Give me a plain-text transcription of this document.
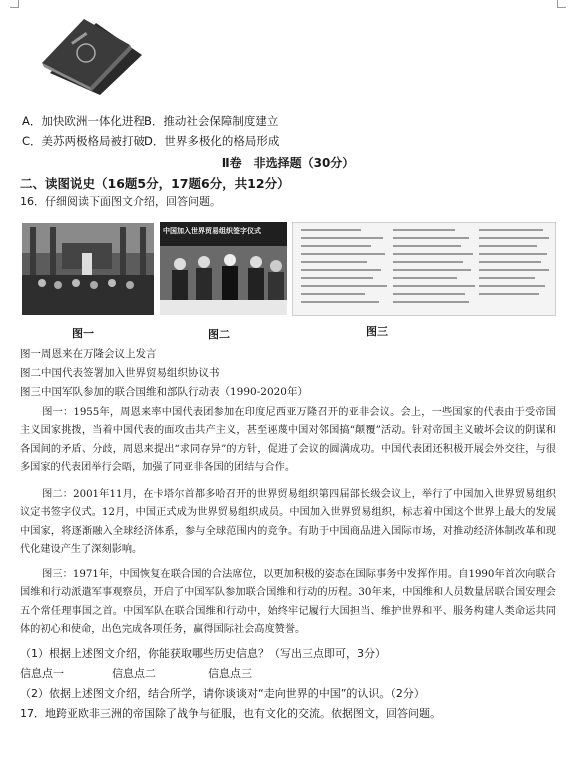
A．加快欧洲一体化进程 B．推动社会保障制度建立
C．美苏两极格局被打破
D．世界多极化的格局形成
Ⅱ卷　非选择题（30分）
二、读图说史（16题5分，17题6分，共12分）
16．仔细阅读下面图文介绍，回答问题。
图一
中国加入世界贸易组织签字仪式
图二	图三
图一周恩来在万隆会议上发言
图二中国代表签署加入世界贸易组织协议书
图三中国军队参加的联合国维和部队行动表（1990-2020年）
图一：1955年，周恩来率中国代表团参加在印度尼西亚万隆召开的亚非会议。会上，一些国家的代表由于受帝国主义国家挑拨，当着中国代表的面攻击共产主义，甚至诬蔑中国对邻国搞“颠覆”活动。针对帝国主义破坏会议的阴谋和各国间的矛盾、分歧，周恩来提出“求同存异”的方针，促进了会议的圆满成功。中国代表团还积极开展会外交往，与很多国家的代表团举行会晤，加强了同亚非各国的团结与合作。
图二：2001年11月，在卡塔尔首都多哈召开的世界贸易组织第四届部长级会议上，举行了中国加入世界贸易组织议定书签字仪式。12月，中国正式成为世界贸易组织成员。中国加入世界贸易组织，标志着中国这个世界上最大的发展中国家，将逐渐融入全球经济体系，参与全球范围内的竞争。有助于中国商品进入国际市场，对推动经济体制改革和现代化建设产生了深刻影响。
图三：1971年，中国恢复在联合国的合法席位，以更加积极的姿态在国际事务中发挥作用。自1990年首次向联合国维和行动派遣军事观察员，开启了中国军队参加联合国维和行动的历程。30年来，中国维和人员数量居联合国安理会五个常任理事国之首。中国军队在联合国维和行动中，始终牢记履行大国担当、维护世界和平、服务构建人类命运共同体的初心和使命，出色完成各项任务，赢得国际社会高度赞誉。
（1）根据上述图文介绍，你能获取哪些历史信息？（写出三点即可，3分）
信息点一	信息点二	信息点三
（2）依据上述图文介绍，结合所学，请你谈谈对“走向世界的中国”的认识。（2分）
17．地跨亚欧非三洲的帝国除了战争与征服，也有文化的交流。依据图文，回答问题。
